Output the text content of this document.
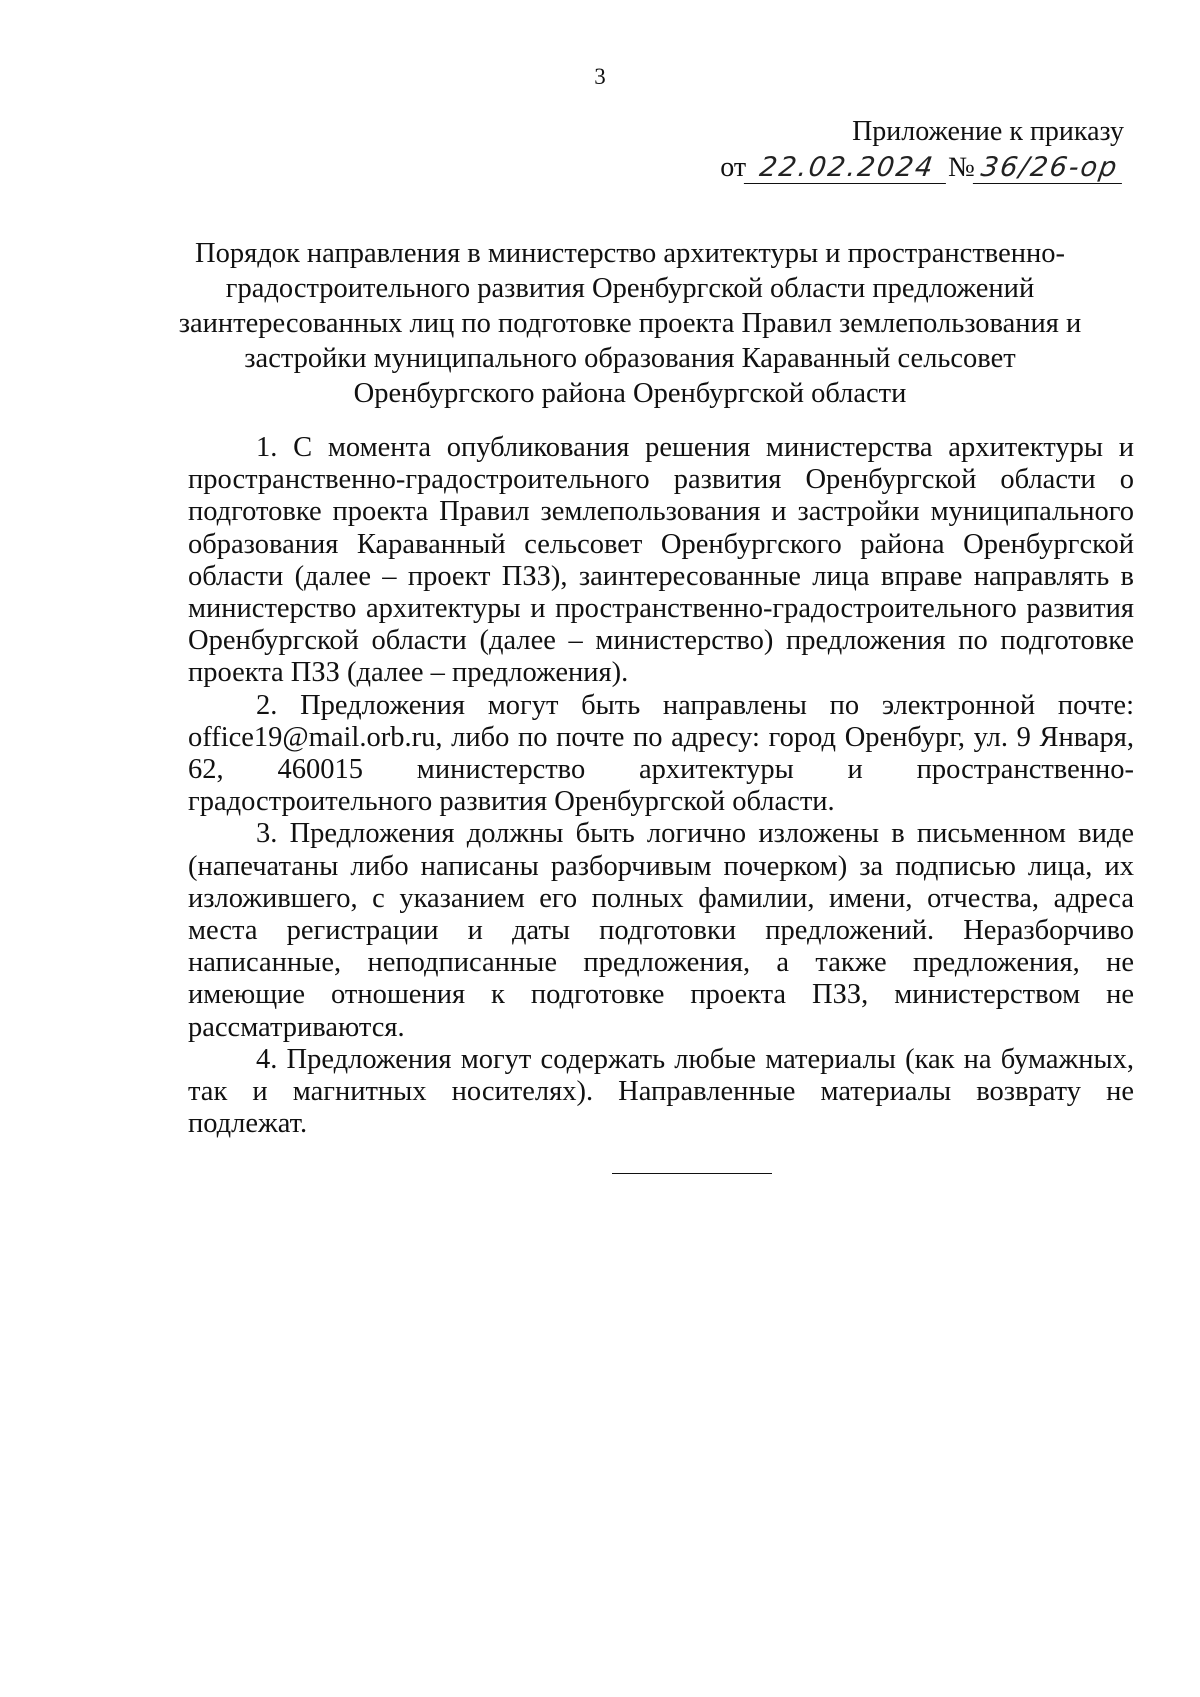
3
Приложение к приказу
от 22.02.2024 № 36/26-ор
Порядок направления в министерство архитектуры и пространственно-
градостроительного развития Оренбургской области предложений
заинтересованных лиц по подготовке проекта Правил землепользования и
застройки муниципального образования Караванный сельсовет
Оренбургского района Оренбургской области

1. С момента опубликования решения министерства архитектуры и пространственно-градостроительного развития Оренбургской области о подготовке проекта Правил землепользования и застройки муниципального образования Караванный сельсовет Оренбургского района Оренбургской области (далее – проект ПЗЗ), заинтересованные лица вправе направлять в министерство архитектуры и пространственно-градостроительного развития Оренбургской области (далее – министерство) предложения по подготовке проекта ПЗЗ (далее – предложения).

2. Предложения могут быть направлены по электронной почте: office19@mail.orb.ru, либо по почте по адресу: город Оренбург, ул. 9 Января, 62, 460015 министерство архитектуры и пространственно-градостроительного развития Оренбургской области.

3. Предложения должны быть логично изложены в письменном виде (напечатаны либо написаны разборчивым почерком) за подписью лица, их изложившего, с указанием его полных фамилии, имени, отчества, адреса места регистрации и даты подготовки предложений. Неразборчиво написанные, неподписанные предложения, а также предложения, не имеющие отношения к подготовке проекта ПЗЗ, министерством не рассматриваются.

4. Предложения могут содержать любые материалы (как на бумажных, так и магнитных носителях). Направленные материалы возврату не подлежат.
